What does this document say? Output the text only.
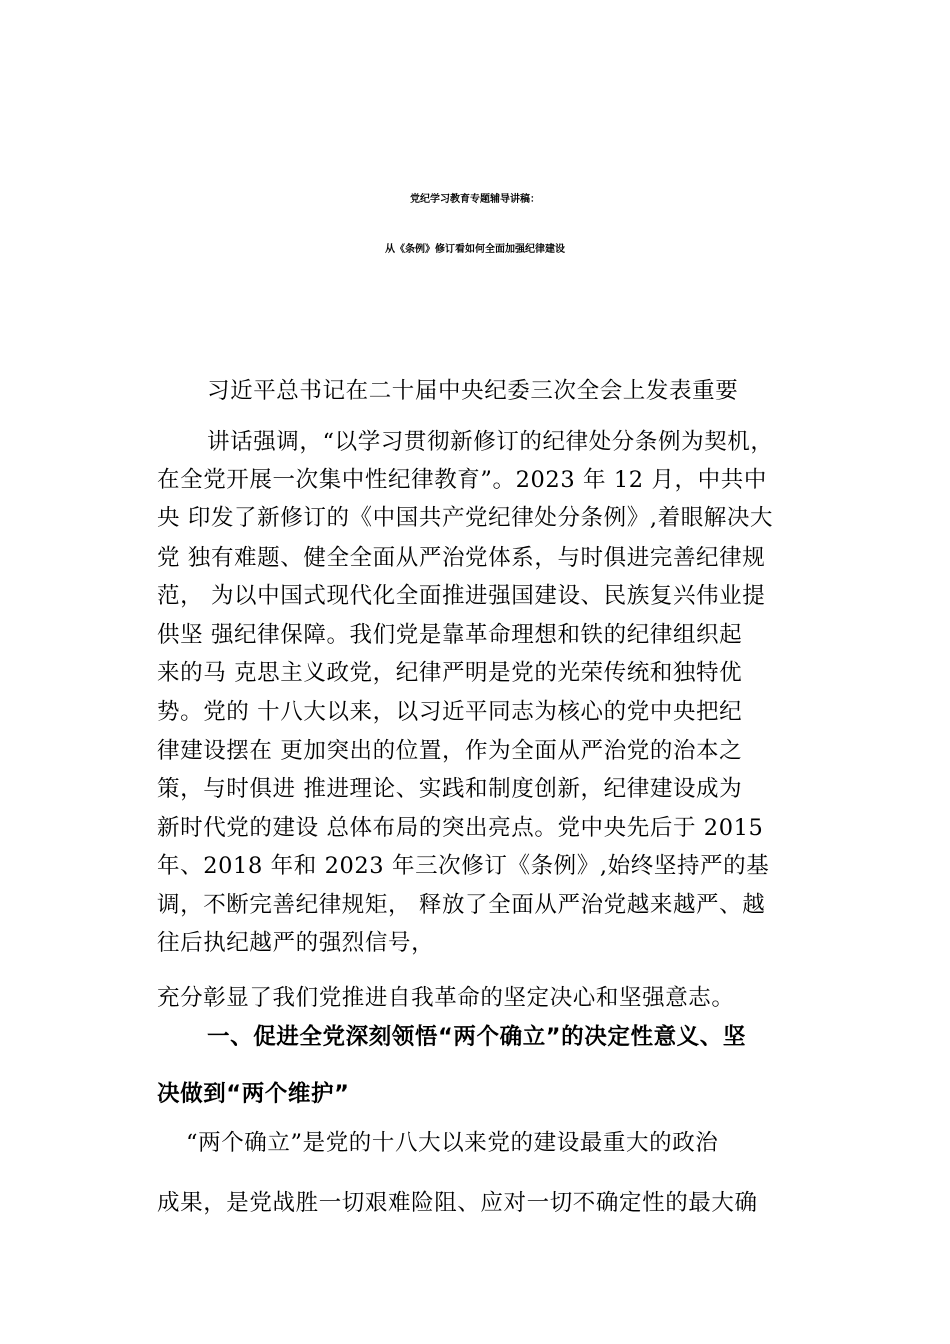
党纪学习教育专题辅导讲稿：
从《条例》修订看如何全面加强纪律建设
习近平总书记在二十届中央纪委三次全会上发表重要
讲话强调，“以学习贯彻新修订的纪律处分条例为契机，
在全党开展一次集中性纪律教育”。2023 年 12 月，中共中
央 印发了新修订的《中国共产党纪律处分条例》,着眼解决大
党 独有难题、健全全面从严治党体系，与时俱进完善纪律规
范， 为以中国式现代化全面推进强国建设、民族复兴伟业提
供坚 强纪律保障。我们党是靠革命理想和铁的纪律组织起
来的马 克思主义政党，纪律严明是党的光荣传统和独特优
势。党的 十八大以来，以习近平同志为核心的党中央把纪
律建设摆在 更加突出的位置，作为全面从严治党的治本之
策，与时俱进 推进理论、实践和制度创新，纪律建设成为
新时代党的建设 总体布局的突出亮点。党中央先后于 2015
年、2018 年和 2023 年三次修订《条例》,始终坚持严的基
调，不断完善纪律规矩， 释放了全面从严治党越来越严、越
往后执纪越严的强烈信号，
充分彰显了我们党推进自我革命的坚定决心和坚强意志。
一、促进全党深刻领悟“两个确立”的决定性意义、坚
决做到“两个维护”
“两个确立”是党的十八大以来党的建设最重大的政治
成果，是党战胜一切艰难险阻、应对一切不确定性的最大确
